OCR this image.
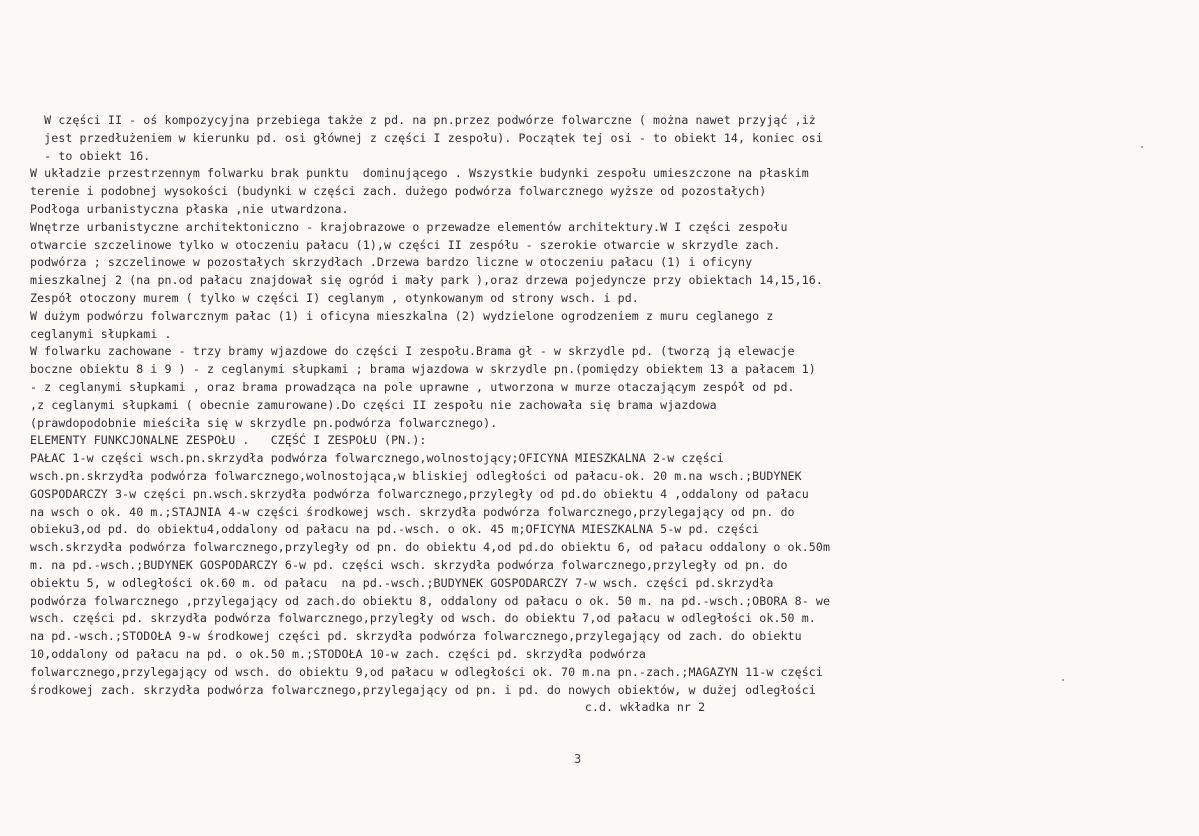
W części II - oś kompozycyjna przebiega także z pd. na pn.przez podwórze folwarczne ( można nawet przyjąć ,iż
jest przedłużeniem w kierunku pd. osi głównej z części I zespołu). Początek tej osi - to obiekt 14, koniec osi
- to obiekt 16.
W układzie przestrzennym folwarku brak punktu  dominującego . Wszystkie budynki zespołu umieszczone na płaskim
terenie i podobnej wysokości (budynki w części zach. dużego podwórza folwarcznego wyższe od pozostałych)
Podłoga urbanistyczna płaska ,nie utwardzona.
Wnętrze urbanistyczne architektoniczno - krajobrazowe o przewadze elementów architektury.W I części zespołu
otwarcie szczelinowe tylko w otoczeniu pałacu (1),w części II zespółu - szerokie otwarcie w skrzydle zach.
podwórza ; szczelinowe w pozostałych skrzydłach .Drzewa bardzo liczne w otoczeniu pałacu (1) i oficyny
mieszkalnej 2 (na pn.od pałacu znajdował się ogród i mały park ),oraz drzewa pojedyncze przy obiektach 14,15,16.
Zespół otoczony murem ( tylko w części I) ceglanym , otynkowanym od strony wsch. i pd.
W dużym podwórzu folwarcznym pałac (1) i oficyna mieszkalna (2) wydzielone ogrodzeniem z muru ceglanego z
ceglanymi słupkami .
W folwarku zachowane - trzy bramy wjazdowe do części I zespołu.Brama gł - w skrzydle pd. (tworzą ją elewacje
boczne obiektu 8 i 9 ) - z ceglanymi słupkami ; brama wjazdowa w skrzydle pn.(pomiędzy obiektem 13 a pałacem 1)
- z ceglanymi słupkami , oraz brama prowadząca na pole uprawne , utworzona w murze otaczającym zespół od pd.
,z ceglanymi słupkami ( obecnie zamurowane).Do części II zespołu nie zachowała się brama wjazdowa
(prawdopodobnie mieściła się w skrzydle pn.podwórza folwarcznego).
ELEMENTY FUNKCJONALNE ZESPOŁU .   CZĘŚĆ I ZESPOŁU (PN.):
PAŁAC 1-w części wsch.pn.skrzydła podwórza folwarcznego,wolnostojący;OFICYNA MIESZKALNA 2-w części
wsch.pn.skrzydła podwórza folwarcznego,wolnostojąca,w bliskiej odległości od pałacu-ok. 20 m.na wsch.;BUDYNEK
GOSPODARCZY 3-w części pn.wsch.skrzydła podwórza folwarcznego,przyległy od pd.do obiektu 4 ,oddalony od pałacu
na wsch o ok. 40 m.;STAJNIA 4-w części środkowej wsch. skrzydła podwórza folwarcznego,przylegający od pn. do
obieku3,od pd. do obiektu4,oddalony od pałacu na pd.-wsch. o ok. 45 m;OFICYNA MIESZKALNA 5-w pd. części
wsch.skrzydła podwórza folwarcznego,przyległy od pn. do obiektu 4,od pd.do obiektu 6, od pałacu oddalony o ok.50m
m. na pd.-wsch.;BUDYNEK GOSPODARCZY 6-w pd. części wsch. skrzydła podwórza folwarcznego,przyległy od pn. do
obiektu 5, w odległości ok.60 m. od pałacu  na pd.-wsch.;BUDYNEK GOSPODARCZY 7-w wsch. części pd.skrzydła
podwórza folwarcznego ,przylegający od zach.do obiektu 8, oddalony od pałacu o ok. 50 m. na pd.-wsch.;OBORA 8- we
wsch. części pd. skrzydła podwórza folwarcznego,przyległy od wsch. do obiektu 7,od pałacu w odległości ok.50 m.
na pd.-wsch.;STODOŁA 9-w środkowej części pd. skrzydła podwórza folwarcznego,przylegający od zach. do obiektu
10,oddalony od pałacu na pd. o ok.50 m.;STODOŁA 10-w zach. części pd. skrzydła podwórza
folwarcznego,przylegający od wsch. do obiektu 9,od pałacu w odległości ok. 70 m.na pn.-zach.;MAGAZYN 11-w części
środkowej zach. skrzydła podwórza folwarcznego,przylegający od pn. i pd. do nowych obiektów, w dużej odległości
c.d. wkładka nr 2
3
